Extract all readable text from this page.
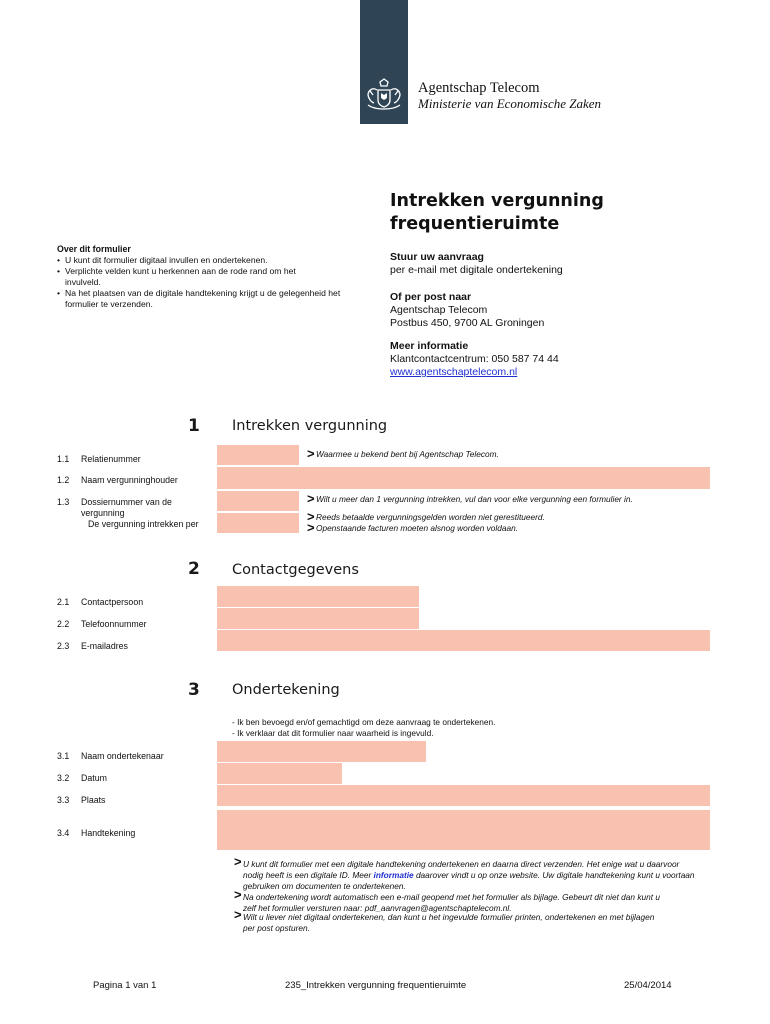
Agentschap Telecom
Ministerie van Economische Zaken
Intrekken vergunning
frequentieruimte
Over dit formulier
• U kunt dit formulier digitaal invullen en ondertekenen.
• Verplichte velden kunt u herkennen aan de rode rand om het invulveld.
• Na het plaatsen van de digitale handtekening krijgt u de gelegenheid het formulier te verzenden.
Stuur uw aanvraag
per e-mail met digitale ondertekening
Of per post naar
Agentschap Telecom
Postbus 450, 9700 AL Groningen
Meer informatie
Klantcontactcentrum: 050 587 74 44
www.agentschaptelecom.nl
1 Intrekken vergunning
1.1 Relatienummer	> Waarmee u bekend bent bij Agentschap Telecom.
1.2 Naam vergunninghouder
1.3 Dossiernummer van de
vergunning
De vergunning intrekken per
> Wilt u meer dan 1 vergunning intrekken, vul dan voor elke vergunning een formulier in.
> Reeds betaalde vergunningsgelden worden niet gerestitueerd.
> Openstaande facturen moeten alsnog worden voldaan.
2 Contactgegevens
2.1 Contactpersoon
2.2 Telefoonnummer
2.3 E-mailadres
3 Ondertekening
- Ik ben bevoegd en/of gemachtigd om deze aanvraag te ondertekenen.
- Ik verklaar dat dit formulier naar waarheid is ingevuld.
3.1 Naam ondertekenaar
3.2 Datum
3.3 Plaats
3.4 Handtekening
> U kunt dit formulier met een digitale handtekening ondertekenen en daarna direct verzenden. Het enige wat u daarvoor
nodig heeft is een digitale ID. Meer informatie daarover vindt u op onze website. Uw digitale handtekening kunt u voortaan
gebruiken om documenten te ondertekenen.
> Na ondertekening wordt automatisch een e-mail geopend met het formulier als bijlage. Gebeurt dit niet dan kunt u
zelf het formulier versturen naar: pdf_aanvragen@agentschaptelecom.nl.
> Wilt u liever niet digitaal ondertekenen, dan kunt u het ingevulde formulier printen, ondertekenen en met bijlagen
per post opsturen.
Pagina 1 van 1	235_Intrekken vergunning frequentieruimte	25/04/2014
